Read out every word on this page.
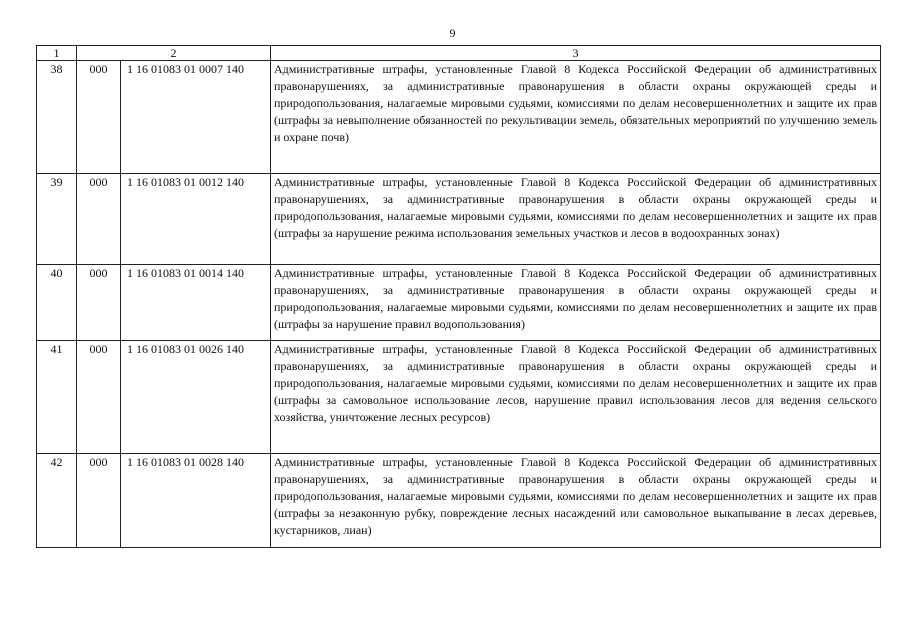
9
1	2		3
38	000	1 16 01083 01 0007 140	Административные штрафы, установленные Главой 8 Кодекса Российской Федерации об административных правонарушениях, за административные правонарушения в области охраны окружающей среды и природопользования, налагаемые мировыми судьями, комиссиями по делам несовершеннолетних и защите их прав (штрафы за невыполнение обязанностей по рекультивации земель, обязательных мероприятий по улучшению земель и охране почв)
39	000	1 16 01083 01 0012 140	Административные штрафы, установленные Главой 8 Кодекса Российской Федерации об административных правонарушениях, за административные правонарушения в области охраны окружающей среды и природопользования, налагаемые мировыми судьями, комиссиями по делам несовершеннолетних и защите их прав (штрафы за нарушение режима использования земельных участков и лесов в водоохранных зонах)
40	000	1 16 01083 01 0014 140	Административные штрафы, установленные Главой 8 Кодекса Российской Федерации об административных правонарушениях, за административные правонарушения в области охраны окружающей среды и природопользования, налагаемые мировыми судьями, комиссиями по делам несовершеннолетних и защите их прав (штрафы за нарушение правил водопользования)
41	000	1 16 01083 01 0026 140	Административные штрафы, установленные Главой 8 Кодекса Российской Федерации об административных правонарушениях, за административные правонарушения в области охраны окружающей среды и природопользования, налагаемые мировыми судьями, комиссиями по делам несовершеннолетних и защите их прав (штрафы за самовольное использование лесов, нарушение правил использования лесов для ведения сельского хозяйства, уничтожение лесных ресурсов)
42	000	1 16 01083 01 0028 140	Административные штрафы, установленные Главой 8 Кодекса Российской Федерации об административных правонарушениях, за административные правонарушения в области охраны окружающей среды и природопользования, налагаемые мировыми судьями, комиссиями по делам несовершеннолетних и защите их прав (штрафы за незаконную рубку, повреждение лесных насаждений или самовольное выкапывание в лесах деревьев, кустарников, лиан)
